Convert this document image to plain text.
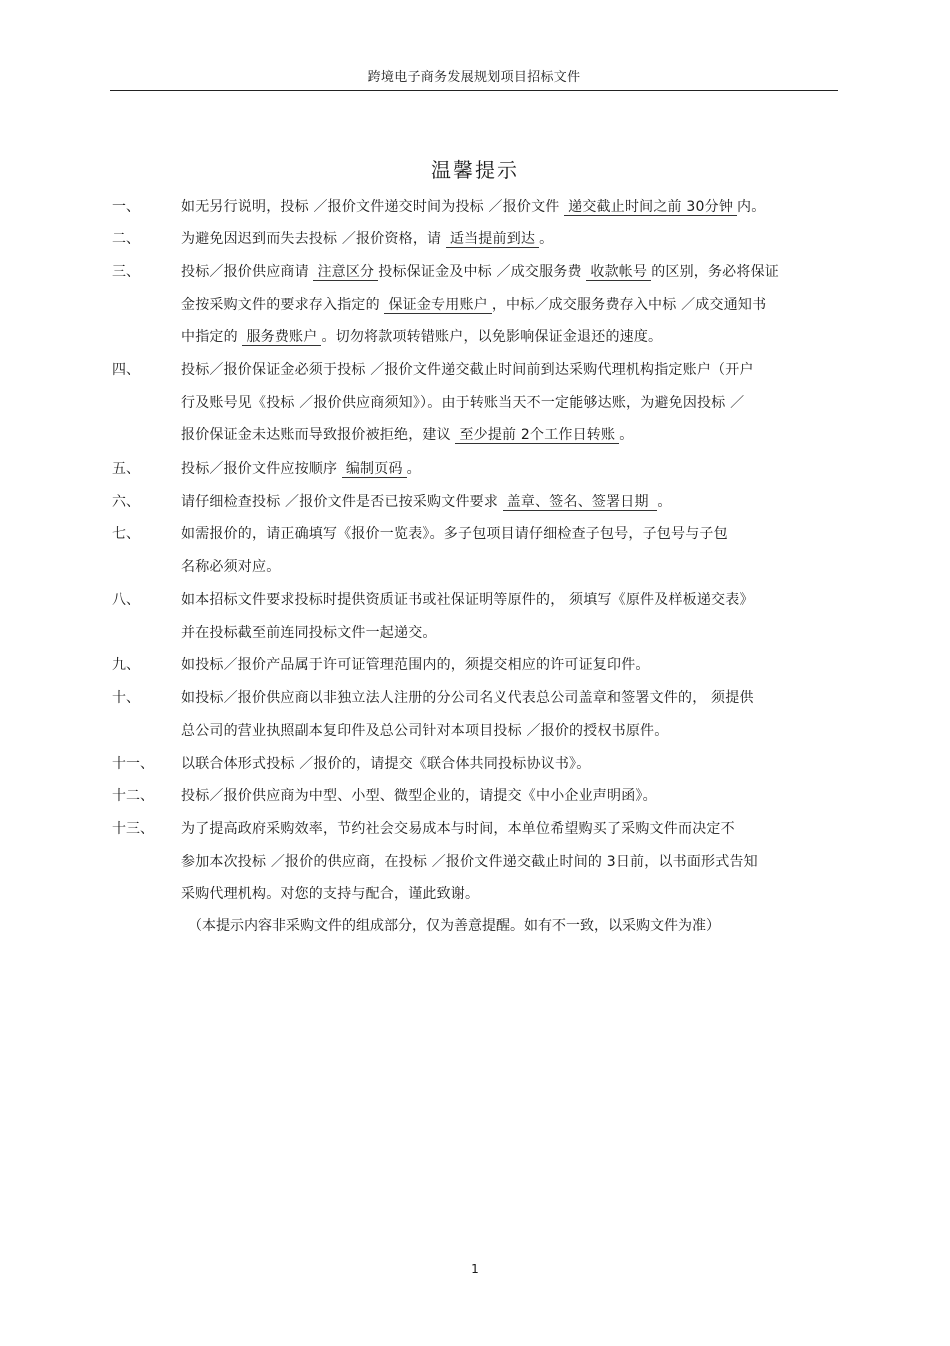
跨境电子商务发展规划项目招标文件
温馨提示
一、	如无另行说明，投标 ／报价文件递交时间为投标 ／报价文件 递交截止时间之前 30分钟 内。
二、	为避免因迟到而失去投标 ／报价资格，请 适当提前到达 。
三、	投标／报价供应商请 注意区分 投标保证金及中标 ／成交服务费 收款帐号 的区别，务必将保证
金按采购文件的要求存入指定的 保证金专用账户 ，中标／成交服务费存入中标 ／成交通知书
中指定的 服务费账户 。切勿将款项转错账户，以免影响保证金退还的速度。
四、	投标／报价保证金必须于投标 ／报价文件递交截止时间前到达采购代理机构指定账户（开户
行及账号见《投标 ／报价供应商须知》）。由于转账当天不一定能够达账，为避免因投标 ／
报价保证金未达账而导致报价被拒绝，建议 至少提前 2个工作日转账 。
五、	投标／报价文件应按顺序 编制页码 。
六、	请仔细检查投标 ／报价文件是否已按采购文件要求 盖章、签名、签署日期 。
七、	如需报价的，请正确填写《报价一览表》。多子包项目请仔细检查子包号，子包号与子包
名称必须对应。
八、	如本招标文件要求投标时提供资质证书或社保证明等原件的， 须填写《原件及样板递交表》
并在投标截至前连同投标文件一起递交。
九、	如投标／报价产品属于许可证管理范围内的，须提交相应的许可证复印件。
十、	如投标／报价供应商以非独立法人注册的分公司名义代表总公司盖章和签署文件的， 须提供
总公司的营业执照副本复印件及总公司针对本项目投标 ／报价的授权书原件。
十一、 以联合体形式投标 ／报价的，请提交《联合体共同投标协议书》。
十二、 投标／报价供应商为中型、小型、微型企业的，请提交《中小企业声明函》。
十三、 为了提高政府采购效率，节约社会交易成本与时间，本单位希望购买了采购文件而决定不
参加本次投标 ／报价的供应商，在投标 ／报价文件递交截止时间的 3日前，以书面形式告知
采购代理机构。对您的支持与配合，谨此致谢。
（本提示内容非采购文件的组成部分，仅为善意提醒。如有不一致，以采购文件为准）
1
